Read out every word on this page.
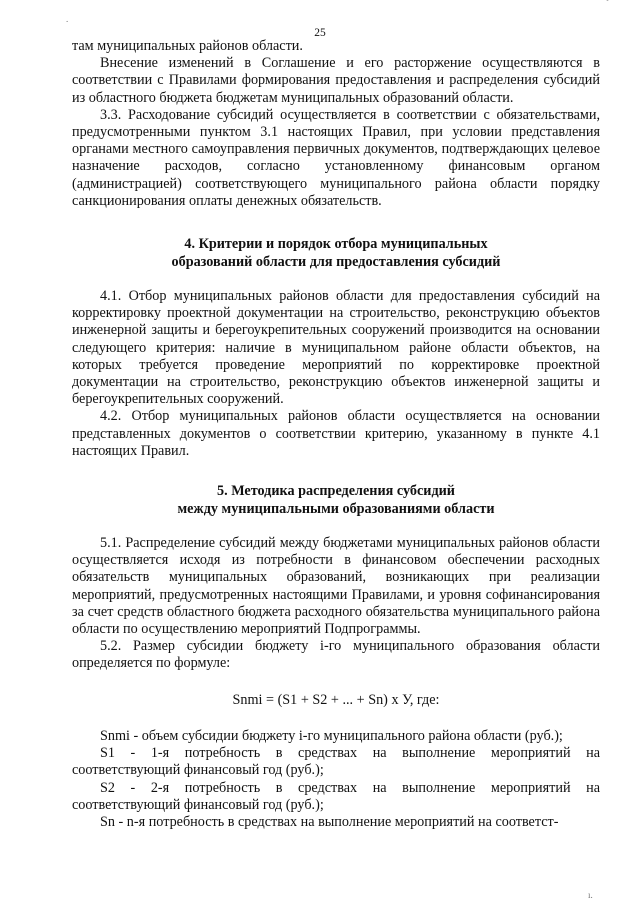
.
˘
ı.
25

там муниципальных районов области.

Внесение изменений в Соглашение и его расторжение осуществляются в соответствии с Правилами формирования предоставления и распределения субсидий из областного бюджета бюджетам муниципальных образований области.

3.3. Расходование субсидий осуществляется в соответствии с обязательствами, предусмотренными пунктом 3.1 настоящих Правил, при условии представления органами местного самоуправления первичных документов, подтверждающих целевое назначение расходов, согласно установленному финансовым органом (администрацией) соответствующего муниципального района области порядку санкционирования оплаты денежных обязательств.

4. Критерии и порядок отбора муниципальных
образований области для предоставления субсидий

4.1. Отбор муниципальных районов области для предоставления субсидий на корректировку проектной документации на строительство, реконструкцию объектов инженерной защиты и берегоукрепительных сооружений производится на основании следующего критерия: наличие в муниципальном районе области объектов, на которых требуется проведение мероприятий по корректировке проектной документации на строительство, реконструкцию объектов инженерной защиты и берегоукрепительных сооружений.

4.2. Отбор муниципальных районов области осуществляется на основании представленных документов о соответствии критерию, указанному в пункте 4.1 настоящих Правил.

5. Методика распределения субсидий
между муниципальными образованиями области

5.1. Распределение субсидий между бюджетами муниципальных районов области осуществляется исходя из потребности в финансовом обеспечении расходных обязательств муниципальных образований, возникающих при реализации мероприятий, предусмотренных настоящими Правилами, и уровня софинансирования за счет средств областного бюджета расходного обязательства муниципального района области по осуществлению мероприятий Подпрограммы.

5.2. Размер субсидии бюджету i-го муниципального образования области определяется по формуле:

Snmi = (S1 + S2 + ... + Sn) x У, где:

Snmi - объем субсидии бюджету i-го муниципального района области (руб.);

S1 - 1-я потребность в средствах на выполнение мероприятий на соответствующий финансовый год (руб.);

S2 - 2-я потребность в средствах на выполнение мероприятий на соответствующий финансовый год (руб.);

Sn - n-я потребность в средствах на выполнение мероприятий на соответст-
